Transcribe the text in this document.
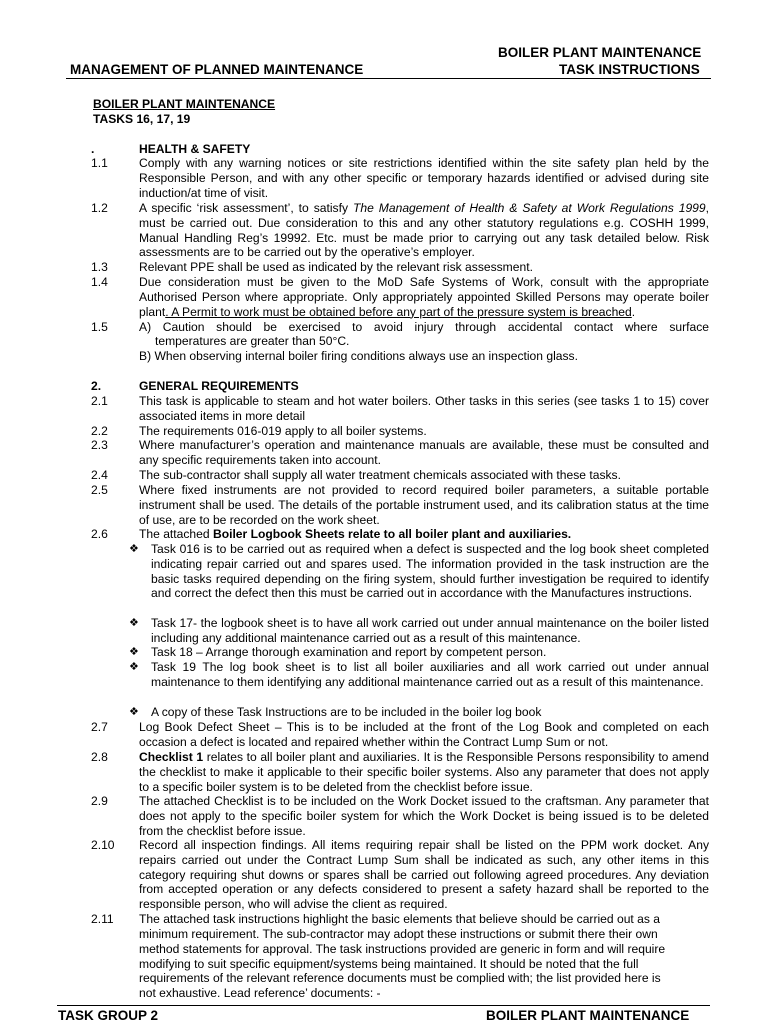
BOILER PLANT MAINTENANCE
MANAGEMENT OF PLANNED MAINTENANCE	TASK INSTRUCTIONS
BOILER PLANT MAINTENANCE
TASKS 16, 17, 19
.	HEALTH & SAFETY
1.1	Comply with any warning notices or site restrictions identified within the site safety plan held by the Responsible Person, and with any other specific or temporary hazards identified or advised during site induction/at time of visit.
1.2	A specific ‘risk assessment’, to satisfy The Management of Health & Safety at Work Regulations 1999, must be carried out. Due consideration to this and any other statutory regulations e.g. COSHH 1999, Manual Handling Reg’s 19992. Etc. must be made prior to carrying out any task detailed below. Risk assessments are to be carried out by the operative’s employer.
1.3	Relevant PPE shall be used as indicated by the relevant risk assessment.
1.4	Due consideration must be given to the MoD Safe Systems of Work, consult with the appropriate Authorised Person where appropriate. Only appropriately appointed Skilled Persons may operate boiler plant. A Permit to work must be obtained before any part of the pressure system is breached.
1.5	A) Caution should be exercised to avoid injury through accidental contact where surface
temperatures are greater than 50°C.
B) When observing internal boiler firing conditions always use an inspection glass.
2.	GENERAL REQUIREMENTS
2.1	This task is applicable to steam and hot water boilers. Other tasks in this series (see tasks 1 to 15) cover associated items in more detail
2.2	The requirements 016-019 apply to all boiler systems.
2.3	Where manufacturer’s operation and maintenance manuals are available, these must be consulted and any specific requirements taken into account.
2.4	The sub-contractor shall supply all water treatment chemicals associated with these tasks.
2.5	Where fixed instruments are not provided to record required boiler parameters, a suitable portable instrument shall be used. The details of the portable instrument used, and its calibration status at the time of use, are to be recorded on the work sheet.
2.6	The attached Boiler Logbook Sheets relate to all boiler plant and auxiliaries.
❖ Task 016 is to be carried out as required when a defect is suspected and the log book sheet completed indicating repair carried out and spares used. The information provided in the task instruction are the basic tasks required depending on the firing system, should further investigation be required to identify and correct the defect then this must be carried out in accordance with the Manufactures instructions.
❖ Task 17- the logbook sheet is to have all work carried out under annual maintenance on the boiler listed including any additional maintenance carried out as a result of this maintenance.
❖ Task 18 – Arrange thorough examination and report by competent person.
❖ Task 19 The log book sheet is to list all boiler auxiliaries and all work carried out under annual maintenance to them identifying any additional maintenance carried out as a result of this maintenance.
❖ A copy of these Task Instructions are to be included in the boiler log book
2.7	Log Book Defect Sheet – This is to be included at the front of the Log Book and completed on each occasion a defect is located and repaired whether within the Contract Lump Sum or not.
2.8	Checklist 1 relates to all boiler plant and auxiliaries. It is the Responsible Persons responsibility to amend the checklist to make it applicable to their specific boiler systems. Also any parameter that does not apply to a specific boiler system is to be deleted from the checklist before issue.
2.9	The attached Checklist is to be included on the Work Docket issued to the craftsman. Any parameter that does not apply to the specific boiler system for which the Work Docket is being issued is to be deleted from the checklist before issue.
2.10 Record all inspection findings. All items requiring repair shall be listed on the PPM work docket. Any repairs carried out under the Contract Lump Sum shall be indicated as such, any other items in this category requiring shut downs or spares shall be carried out following agreed procedures. Any deviation from accepted operation or any defects considered to present a safety hazard shall be reported to the responsible person, who will advise the client as required.
2.11 The attached task instructions highlight the basic elements that believe should be carried out as a
minimum requirement. The sub-contractor may adopt these instructions or submit there their own
method statements for approval. The task instructions provided are generic in form and will require
modifying to suit specific equipment/systems being maintained. It should be noted that the full
requirements of the relevant reference documents must be complied with; the list provided here is
not exhaustive. Lead reference’ documents: -
TASK GROUP 2	BOILER PLANT MAINTENANCE
